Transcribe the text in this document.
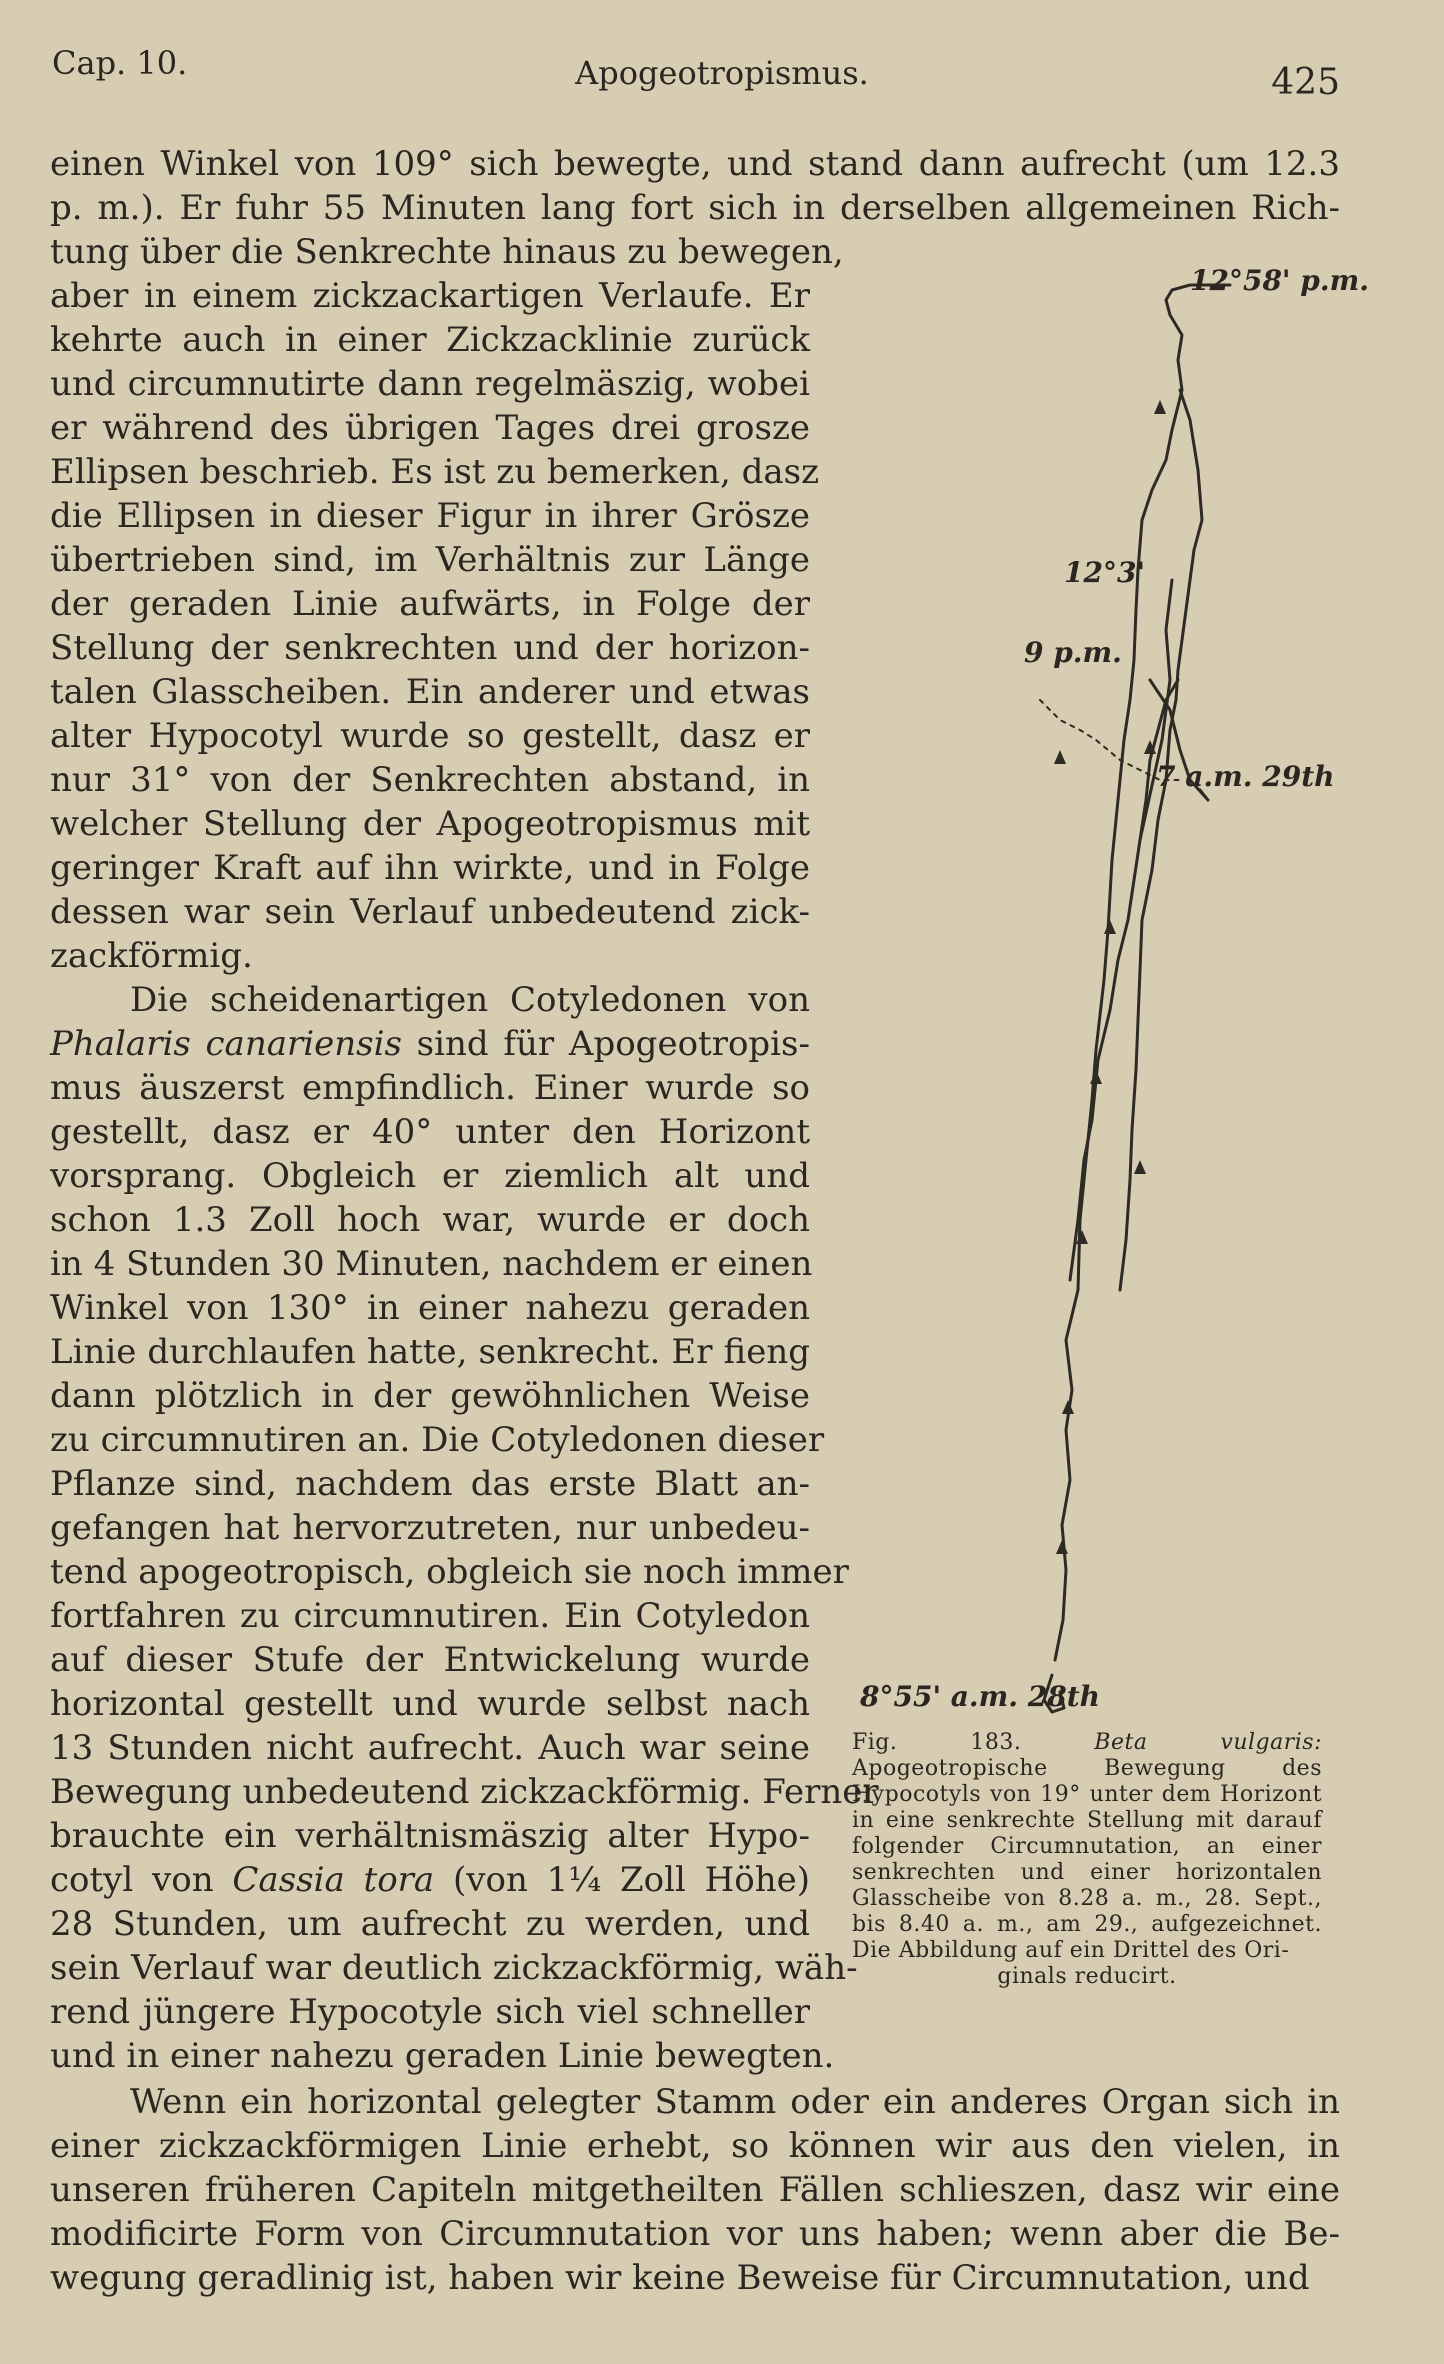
Cap. 10.	Apogeotropismus.	425
einen Winkel von 109° sich bewegte, und stand dann aufrecht (um 12.3
p. m.). Er fuhr 55 Minuten lang fort sich in derselben allgemeinen Rich-
tung über die Senkrechte hinaus zu bewegen,
aber in einem zickzackartigen Verlaufe. Er
kehrte auch in einer Zickzacklinie zurück
und circumnutirte dann regelmäszig, wobei
er während des übrigen Tages drei grosze
Ellipsen beschrieb. Es ist zu bemerken, dasz
die Ellipsen in dieser Figur in ihrer Grösze
übertrieben sind, im Verhältnis zur Länge
der geraden Linie aufwärts, in Folge der
Stellung der senkrechten und der horizon-
talen Glasscheiben. Ein anderer und etwas
alter Hypocotyl wurde so gestellt, dasz er
nur 31° von der Senkrechten abstand, in
welcher Stellung der Apogeotropismus mit
geringer Kraft auf ihn wirkte, und in Folge
dessen war sein Verlauf unbedeutend zick-
zackförmig.
mus äuszerst empfindlich. Einer wurde so
gestellt, dasz er 40° unter den Horizont
vorsprang. Obgleich er ziemlich alt und
schon 1.3 Zoll hoch war, wurde er doch
in 4 Stunden 30 Minuten, nachdem er einen
Winkel von 130° in einer nahezu geraden
Linie durchlaufen hatte, senkrecht. Er fieng
dann plötzlich in der gewöhnlichen Weise
zu circumnutiren an. Die Cotyledonen dieser
Pflanze sind, nachdem das erste Blatt an-
gefangen hat hervorzutreten, nur unbedeu-
tend apogeotropisch, obgleich sie noch immer
fortfahren zu circumnutiren. Ein Cotyledon
auf dieser Stufe der Entwickelung wurde
horizontal gestellt und wurde selbst nach
13 Stunden nicht aufrecht. Auch war seine
Bewegung unbedeutend zickzackförmig. Ferner
brauchte ein verhältnismäszig alter Hypo-
28 Stunden, um aufrecht zu werden, und
sein Verlauf war deutlich zickzackförmig, wäh-
rend jüngere Hypocotyle sich viel schneller
und in einer nahezu geraden Linie bewegten.
Wenn ein horizontal gelegter Stamm oder ein anderes Organ sich in
einer zickzackförmigen Linie erhebt, so können wir aus den vielen, in
unseren früheren Capiteln mitgetheilten Fällen schlieszen, dasz wir eine
modificirte Form von Circumnutation vor uns haben; wenn aber die Be-
wegung geradlinig ist, haben wir keine Beweise für Circumnutation, und
Die scheidenartigen Cotyledonen von
Phalaris canariensis sind für Apogeotropis-
cotyl von Cassia tora (von 1¼ Zoll Höhe)
12°58' p.m.
12°3'
9 p.m.
7 a.m. 29th
8°55' a.m. 28th
Fig. 183.	Beta vulgaris: Apogeotropische Bewegung des Hypocotyls von 19° unter dem Horizont in eine senkrechte Stellung mit darauf folgender Circumnutation, an einer senkrechten und einer horizontalen Glasscheibe von 8.28 a. m., 28. Sept., bis 8.40 a. m., am 29., aufgezeichnet. Die Abbildung auf ein Drittel des Ori-
ginals reducirt.
